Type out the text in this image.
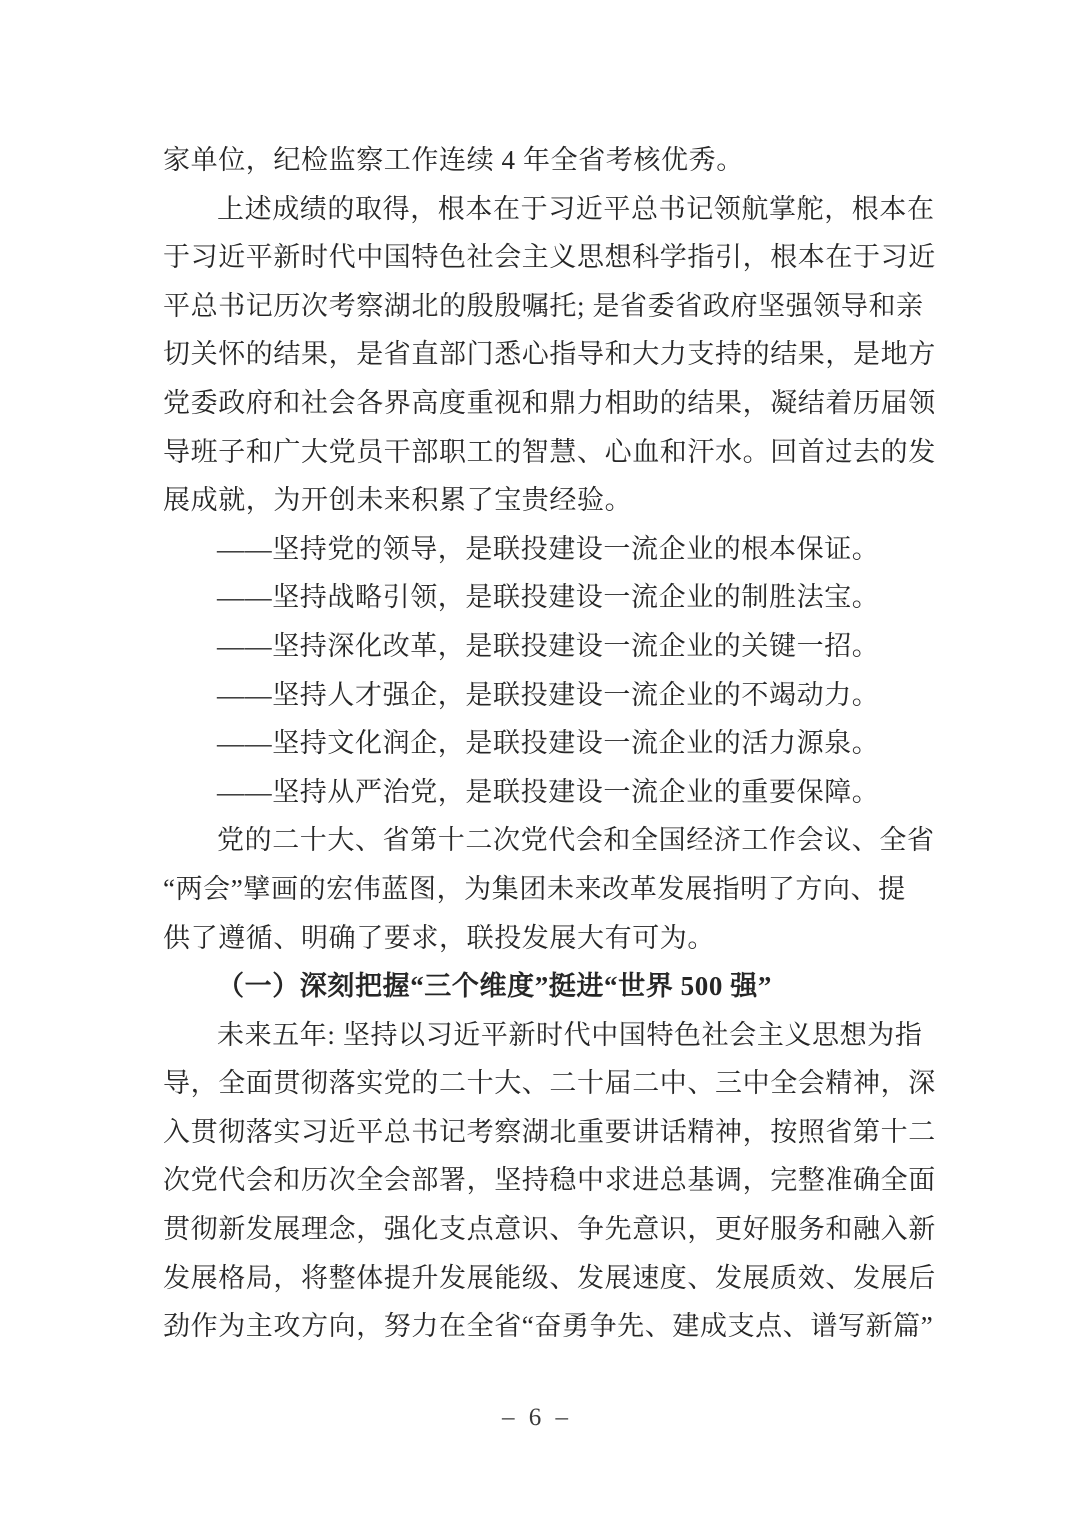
家单位，纪检监察工作连续 4 年全省考核优秀。
上述成绩的取得，根本在于习近平总书记领航掌舵，根本在
于习近平新时代中国特色社会主义思想科学指引，根本在于习近
平总书记历次考察湖北的殷殷嘱托; 是省委省政府坚强领导和亲
切关怀的结果，是省直部门悉心指导和大力支持的结果，是地方
党委政府和社会各界高度重视和鼎力相助的结果，凝结着历届领
导班子和广大党员干部职工的智慧、心血和汗水。回首过去的发
展成就，为开创未来积累了宝贵经验。
——坚持党的领导，是联投建设一流企业的根本保证。
——坚持战略引领，是联投建设一流企业的制胜法宝。
——坚持深化改革，是联投建设一流企业的关键一招。
——坚持人才强企，是联投建设一流企业的不竭动力。
——坚持文化润企，是联投建设一流企业的活力源泉。
——坚持从严治党，是联投建设一流企业的重要保障。
党的二十大、省第十二次党代会和全国经济工作会议、全省
“两会”擘画的宏伟蓝图，为集团未来改革发展指明了方向、提
供了遵循、明确了要求，联投发展大有可为。
（一）深刻把握“三个维度”挺进“世界 500 强”
未来五年: 坚持以习近平新时代中国特色社会主义思想为指
导，全面贯彻落实党的二十大、二十届二中、三中全会精神，深
入贯彻落实习近平总书记考察湖北重要讲话精神，按照省第十二
次党代会和历次全会部署，坚持稳中求进总基调，完整准确全面
贯彻新发展理念，强化支点意识、争先意识，更好服务和融入新
发展格局，将整体提升发展能级、发展速度、发展质效、发展后
劲作为主攻方向，努力在全省“奋勇争先、建成支点、谱写新篇”
– 6 –
